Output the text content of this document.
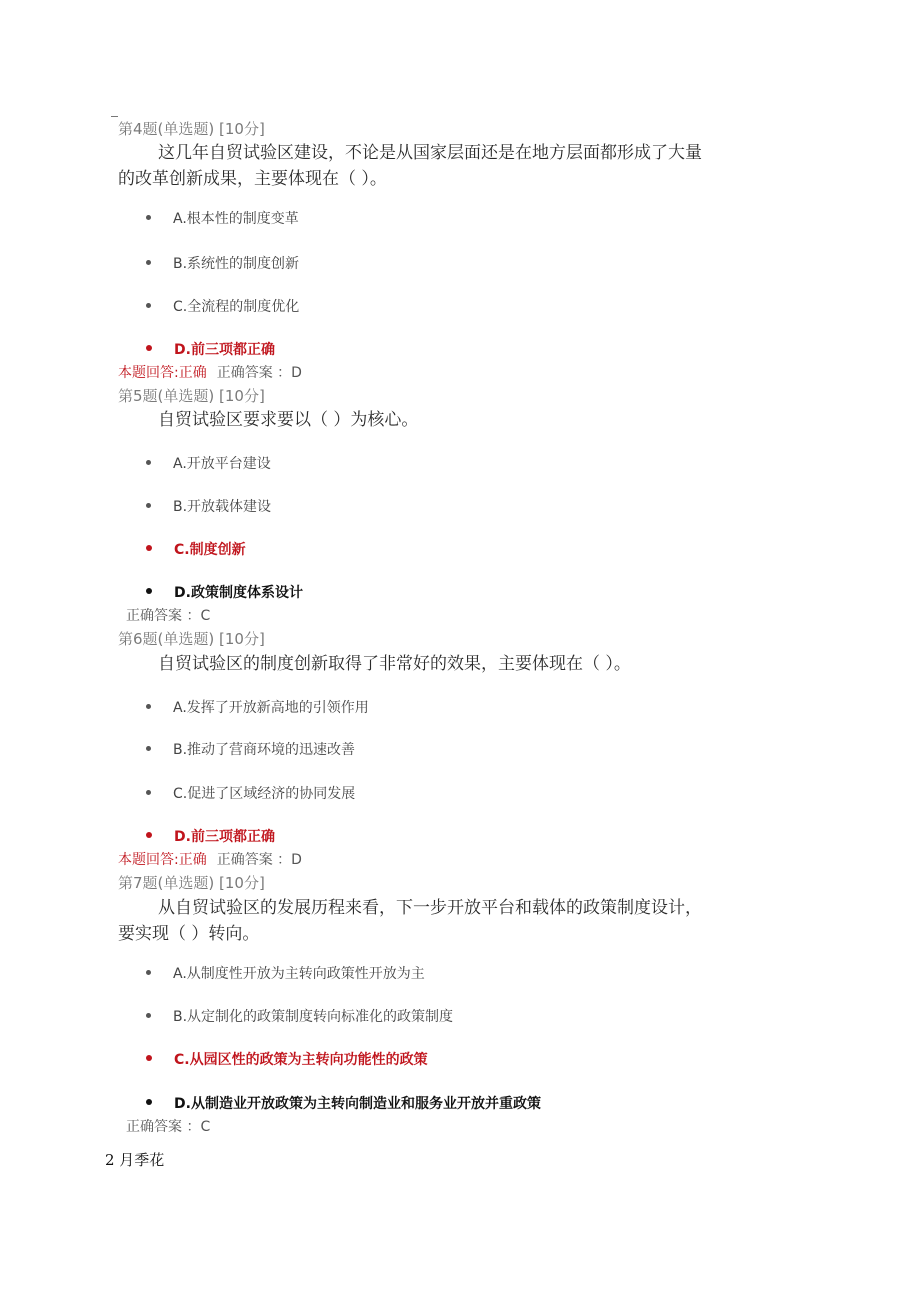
第4题(单选题) [10分]
这几年自贸试验区建设，不论是从国家层面还是在地方层面都形成了大量
的改革创新成果，主要体现在（ ）。
A.根本性的制度变革
B.系统性的制度创新
C.全流程的制度优化
D.前三项都正确
本题回答:正确 正确答案 ：D
第5题(单选题) [10分]
自贸试验区要求要以（ ）为核心。
A.开放平台建设
B.开放载体建设
C.制度创新
D.政策制度体系设计
正确答案 ：C
第6题(单选题) [10分]
自贸试验区的制度创新取得了非常好的效果，主要体现在（ ）。
A.发挥了开放新高地的引领作用
B.推动了营商环境的迅速改善
C.促进了区域经济的协同发展
D.前三项都正确
本题回答:正确 正确答案 ：D
第7题(单选题) [10分]
从自贸试验区的发展历程来看，下一步开放平台和载体的政策制度设计，
要实现（ ）转向。
A.从制度性开放为主转向政策性开放为主
B.从定制化的政策制度转向标准化的政策制度
C.从园区性的政策为主转向功能性的政策
D.从制造业开放政策为主转向制造业和服务业开放并重政策
正确答案 ：C
2 月季花
